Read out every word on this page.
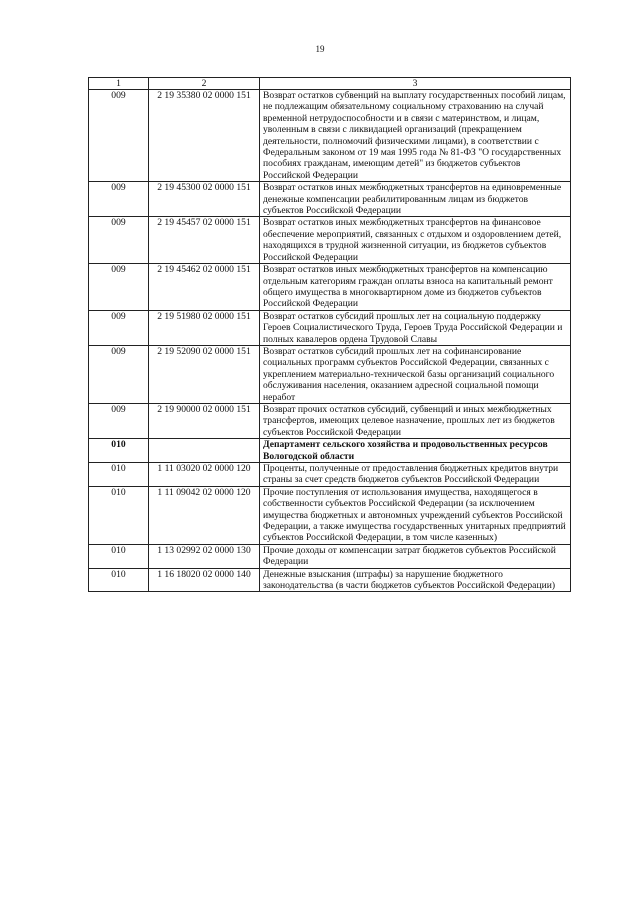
19
1	2	3
009	2 19 35380 02 0000 151	Возврат остатков субвенций на выплату государственных пособий лицам, не подлежащим обязательному социальному страхованию на случай временной нетрудоспособности и в связи с материнством, и лицам, уволенным в связи с ликвидацией организаций (прекращением деятельности, полномочий физическими лицами), в соответствии с Федеральным законом от 19 мая 1995 года № 81-ФЗ "О государственных пособиях гражданам, имеющим детей" из бюджетов субъектов Российской Федерации
009	2 19 45300 02 0000 151	Возврат остатков иных межбюджетных трансфертов на единовременные денежные компенсации реабилитированным лицам из бюджетов субъектов Российской Федерации
009	2 19 45457 02 0000 151	Возврат остатков иных межбюджетных трансфертов на финансовое обеспечение мероприятий, связанных с отдыхом и оздоровлением детей, находящихся в трудной жизненной ситуации, из бюджетов субъектов Российской Федерации
009	2 19 45462 02 0000 151	Возврат остатков иных межбюджетных трансфертов на компенсацию отдельным категориям граждан оплаты взноса на капитальный ремонт общего имущества в многоквартирном доме из бюджетов субъектов Российской Федерации
009	2 19 51980 02 0000 151	Возврат остатков субсидий прошлых лет на социальную поддержку Героев Социалистического Труда, Героев Труда Российской Федерации и полных кавалеров ордена Трудовой Славы
009	2 19 52090 02 0000 151	Возврат остатков субсидий прошлых лет на софинансирование социальных программ субъектов Российской Федерации, связанных с укреплением материально-технической базы организаций социального обслуживания населения, оказанием адресной социальной помощи неработ
009	2 19 90000 02 0000 151	Возврат прочих остатков субсидий, субвенций и иных межбюджетных трансфертов, имеющих целевое назначение, прошлых лет из бюджетов субъектов Российской Федерации
010		Департамент сельского хозяйства и продовольственных ресурсов Вологодской области
010	1 11 03020 02 0000 120	Проценты, полученные от предоставления бюджетных кредитов внутри страны за счет средств бюджетов субъектов Российской Федерации
010	1 11 09042 02 0000 120	Прочие поступления от использования имущества, находящегося в собственности субъектов Российской Федерации (за исключением имущества бюджетных и автономных учреждений субъектов Российской Федерации, а также имущества государственных унитарных предприятий субъектов Российской Федерации, в том числе казенных)
010	1 13 02992 02 0000 130	Прочие доходы от компенсации затрат бюджетов субъектов Российской Федерации
010	1 16 18020 02 0000 140	Денежные взыскания (штрафы) за нарушение бюджетного законодательства (в части бюджетов субъектов Российской Федерации)
